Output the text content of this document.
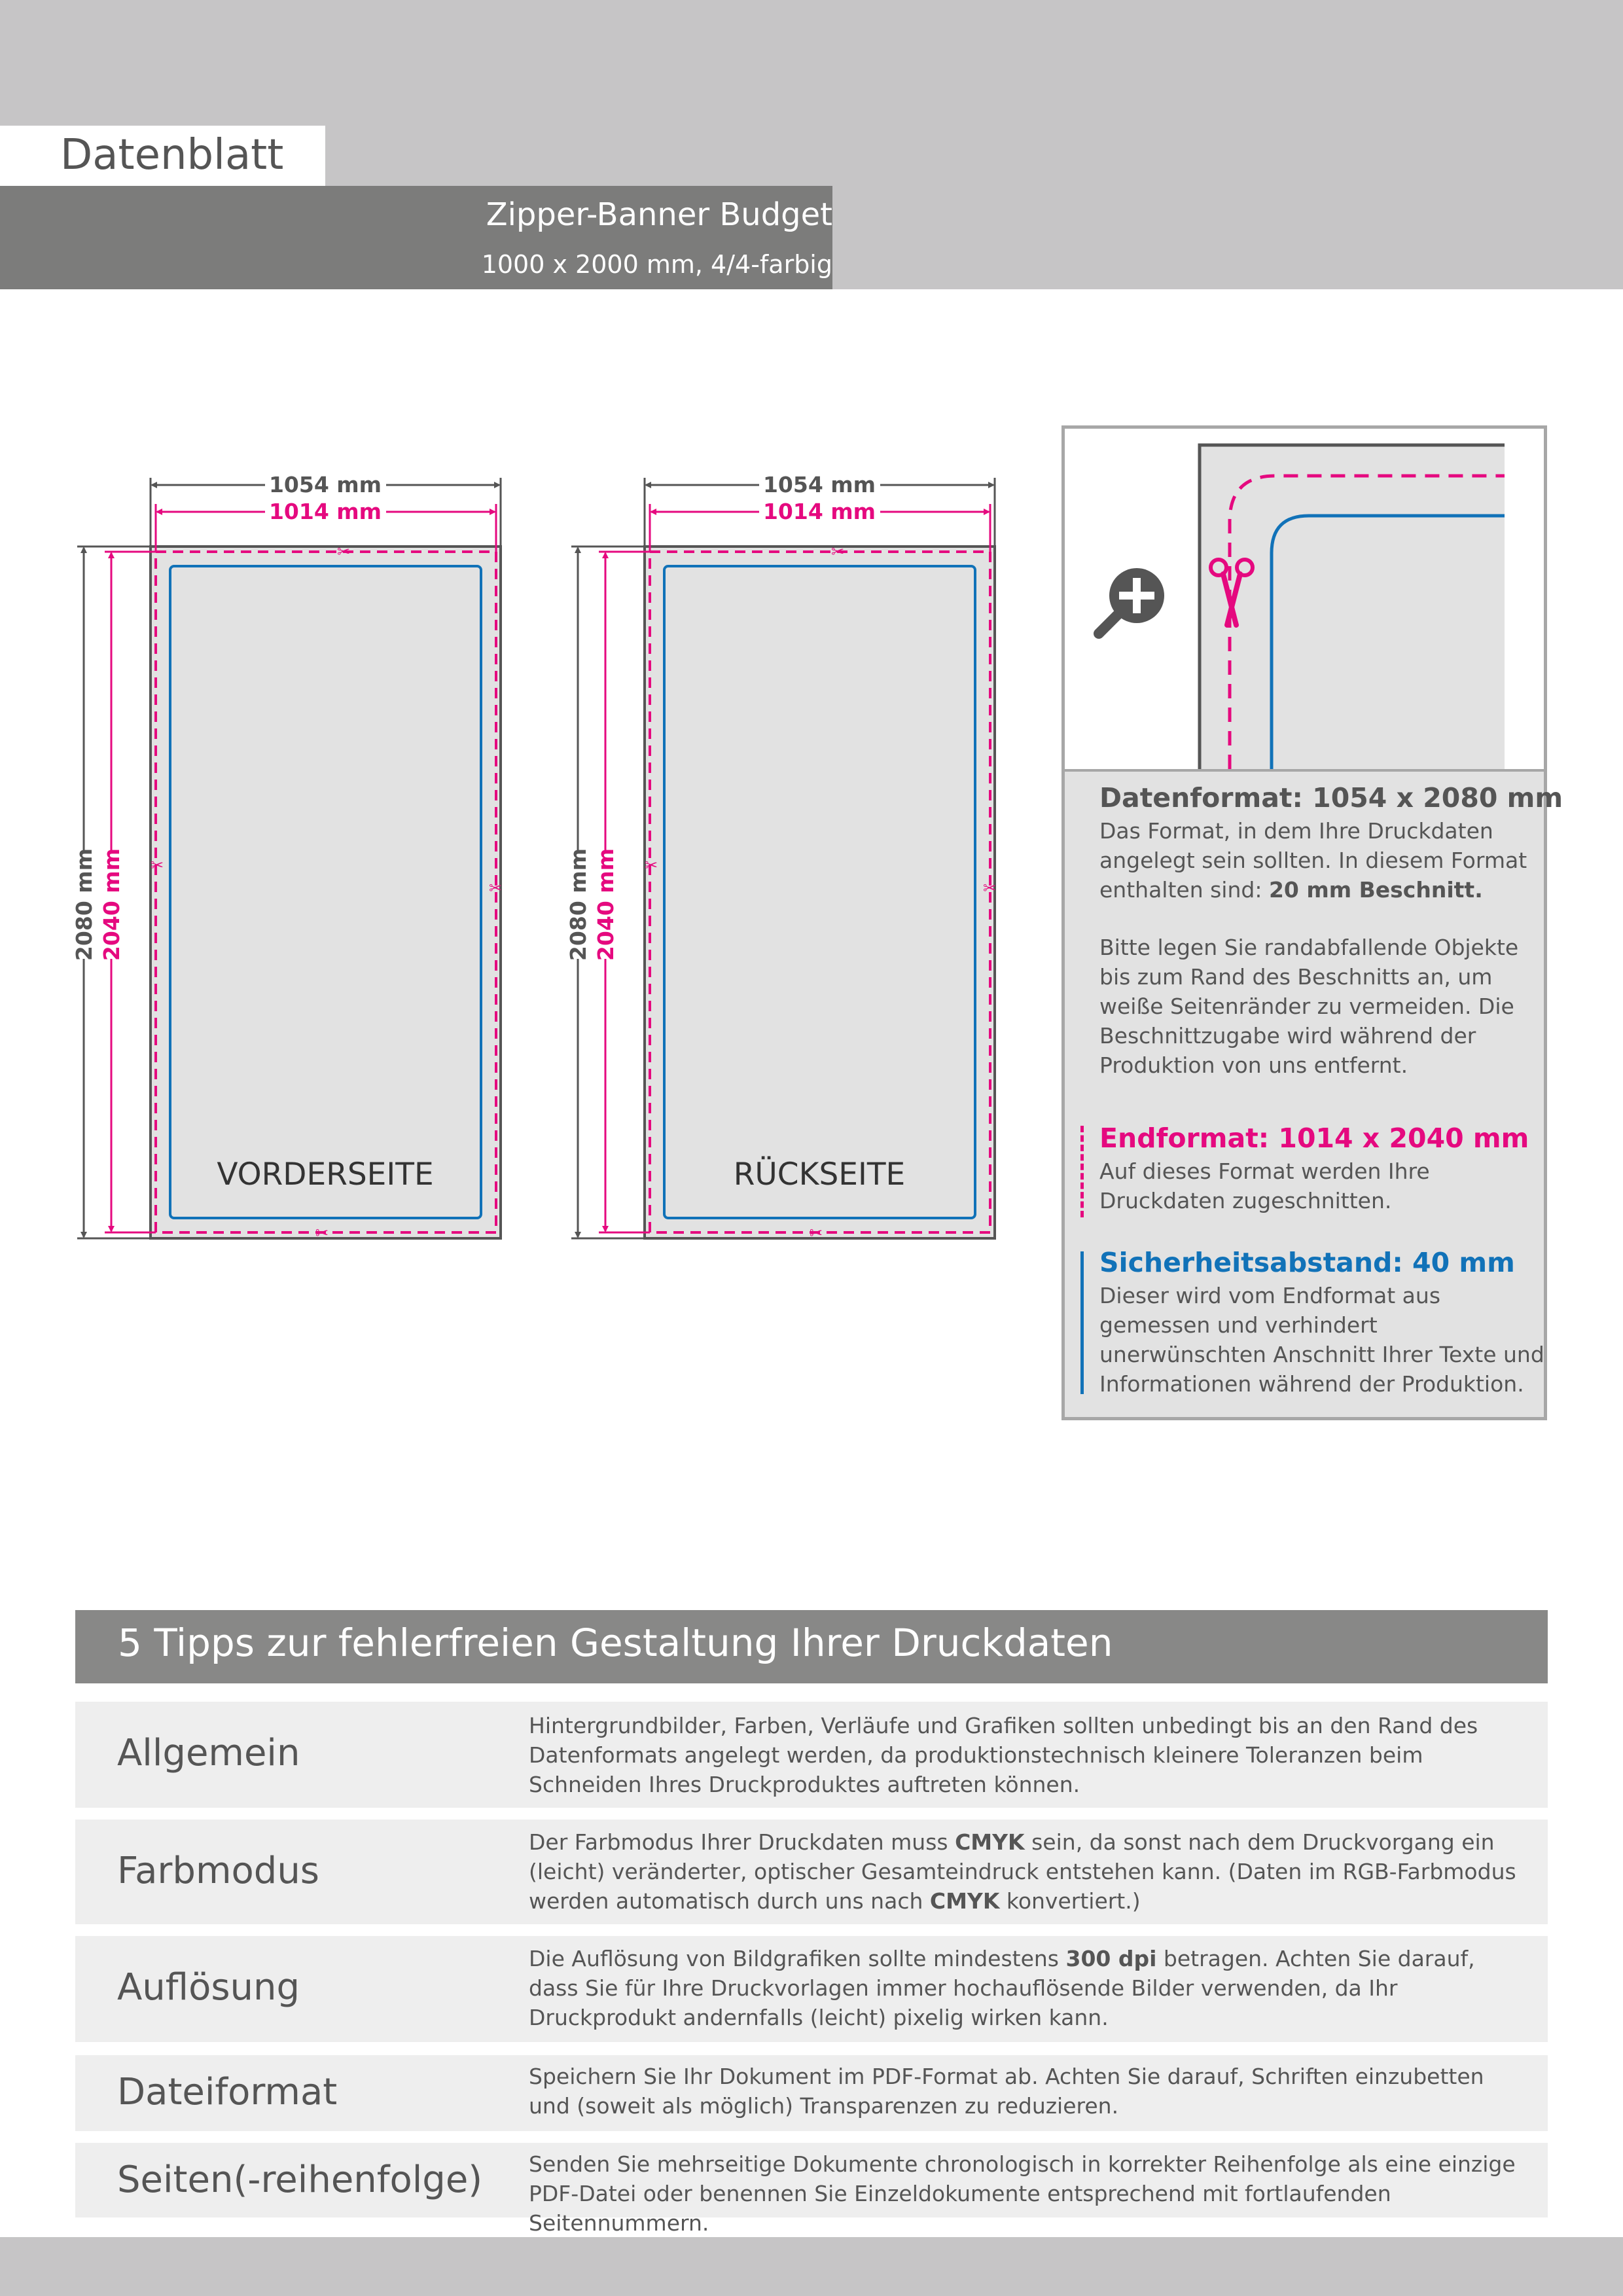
Datenblatt
Zipper-Banner Budget
1000 x 2000 mm, 4/4-farbig
1054 mm
1014 mm
2080 mm 2040 mm
✂
✂
✂
✂
VORDERSEITE
1054 mm
1014 mm
2080 mm 2040 mm
✂
✂
✂
✂
RÜCKSEITE
Datenformat: 1054 x 2080 mm
Das Format, in dem Ihre Druckdaten angelegt sein sollten. In diesem Format enthalten sind: 20 mm Beschnitt.
Bitte legen Sie randabfallende Objekte bis zum Rand des Beschnitts an, um weiße Seitenränder zu vermeiden. Die Beschnittzugabe wird während der Produktion von uns entfernt.
Endformat: 1014 x 2040 mm
Auf dieses Format werden Ihre Druckdaten zugeschnitten.
Sicherheitsabstand: 40 mm
Dieser wird vom Endformat aus gemessen und verhindert unerwünschten Anschnitt Ihrer Texte und Informationen während der Produktion.
5 Tipps zur fehlerfreien Gestaltung Ihrer Druckdaten
Allgemein
Hintergrundbilder, Farben, Verläufe und Grafiken sollten unbedingt bis an den Rand des Datenformats angelegt werden, da produktionstechnisch kleinere Toleranzen beim Schneiden Ihres Druckproduktes auftreten können.
Farbmodus
Der Farbmodus Ihrer Druckdaten muss CMYK sein, da sonst nach dem Druckvorgang ein (leicht) veränderter, optischer Gesamteindruck entstehen kann. (Daten im RGB-Farbmodus werden automatisch durch uns nach CMYK konvertiert.)
Auflösung
Die Auflösung von Bildgrafiken sollte mindestens 300 dpi betragen. Achten Sie darauf, dass Sie für Ihre Druckvorlagen immer hochauflösende Bilder verwenden, da Ihr Druckprodukt andernfalls (leicht) pixelig wirken kann.
Dateiformat	Speichern Sie Ihr Dokument im PDF-Format ab. Achten Sie darauf, Schriften einzubetten und (soweit als möglich) Transparenzen zu reduzieren.
Seiten(-reihenfolge) Senden Sie mehrseitige Dokumente chronologisch in korrekter Reihenfolge als eine einzige PDF-Datei oder benennen Sie Einzeldokumente entsprechend mit fortlaufenden Seitennummern.
